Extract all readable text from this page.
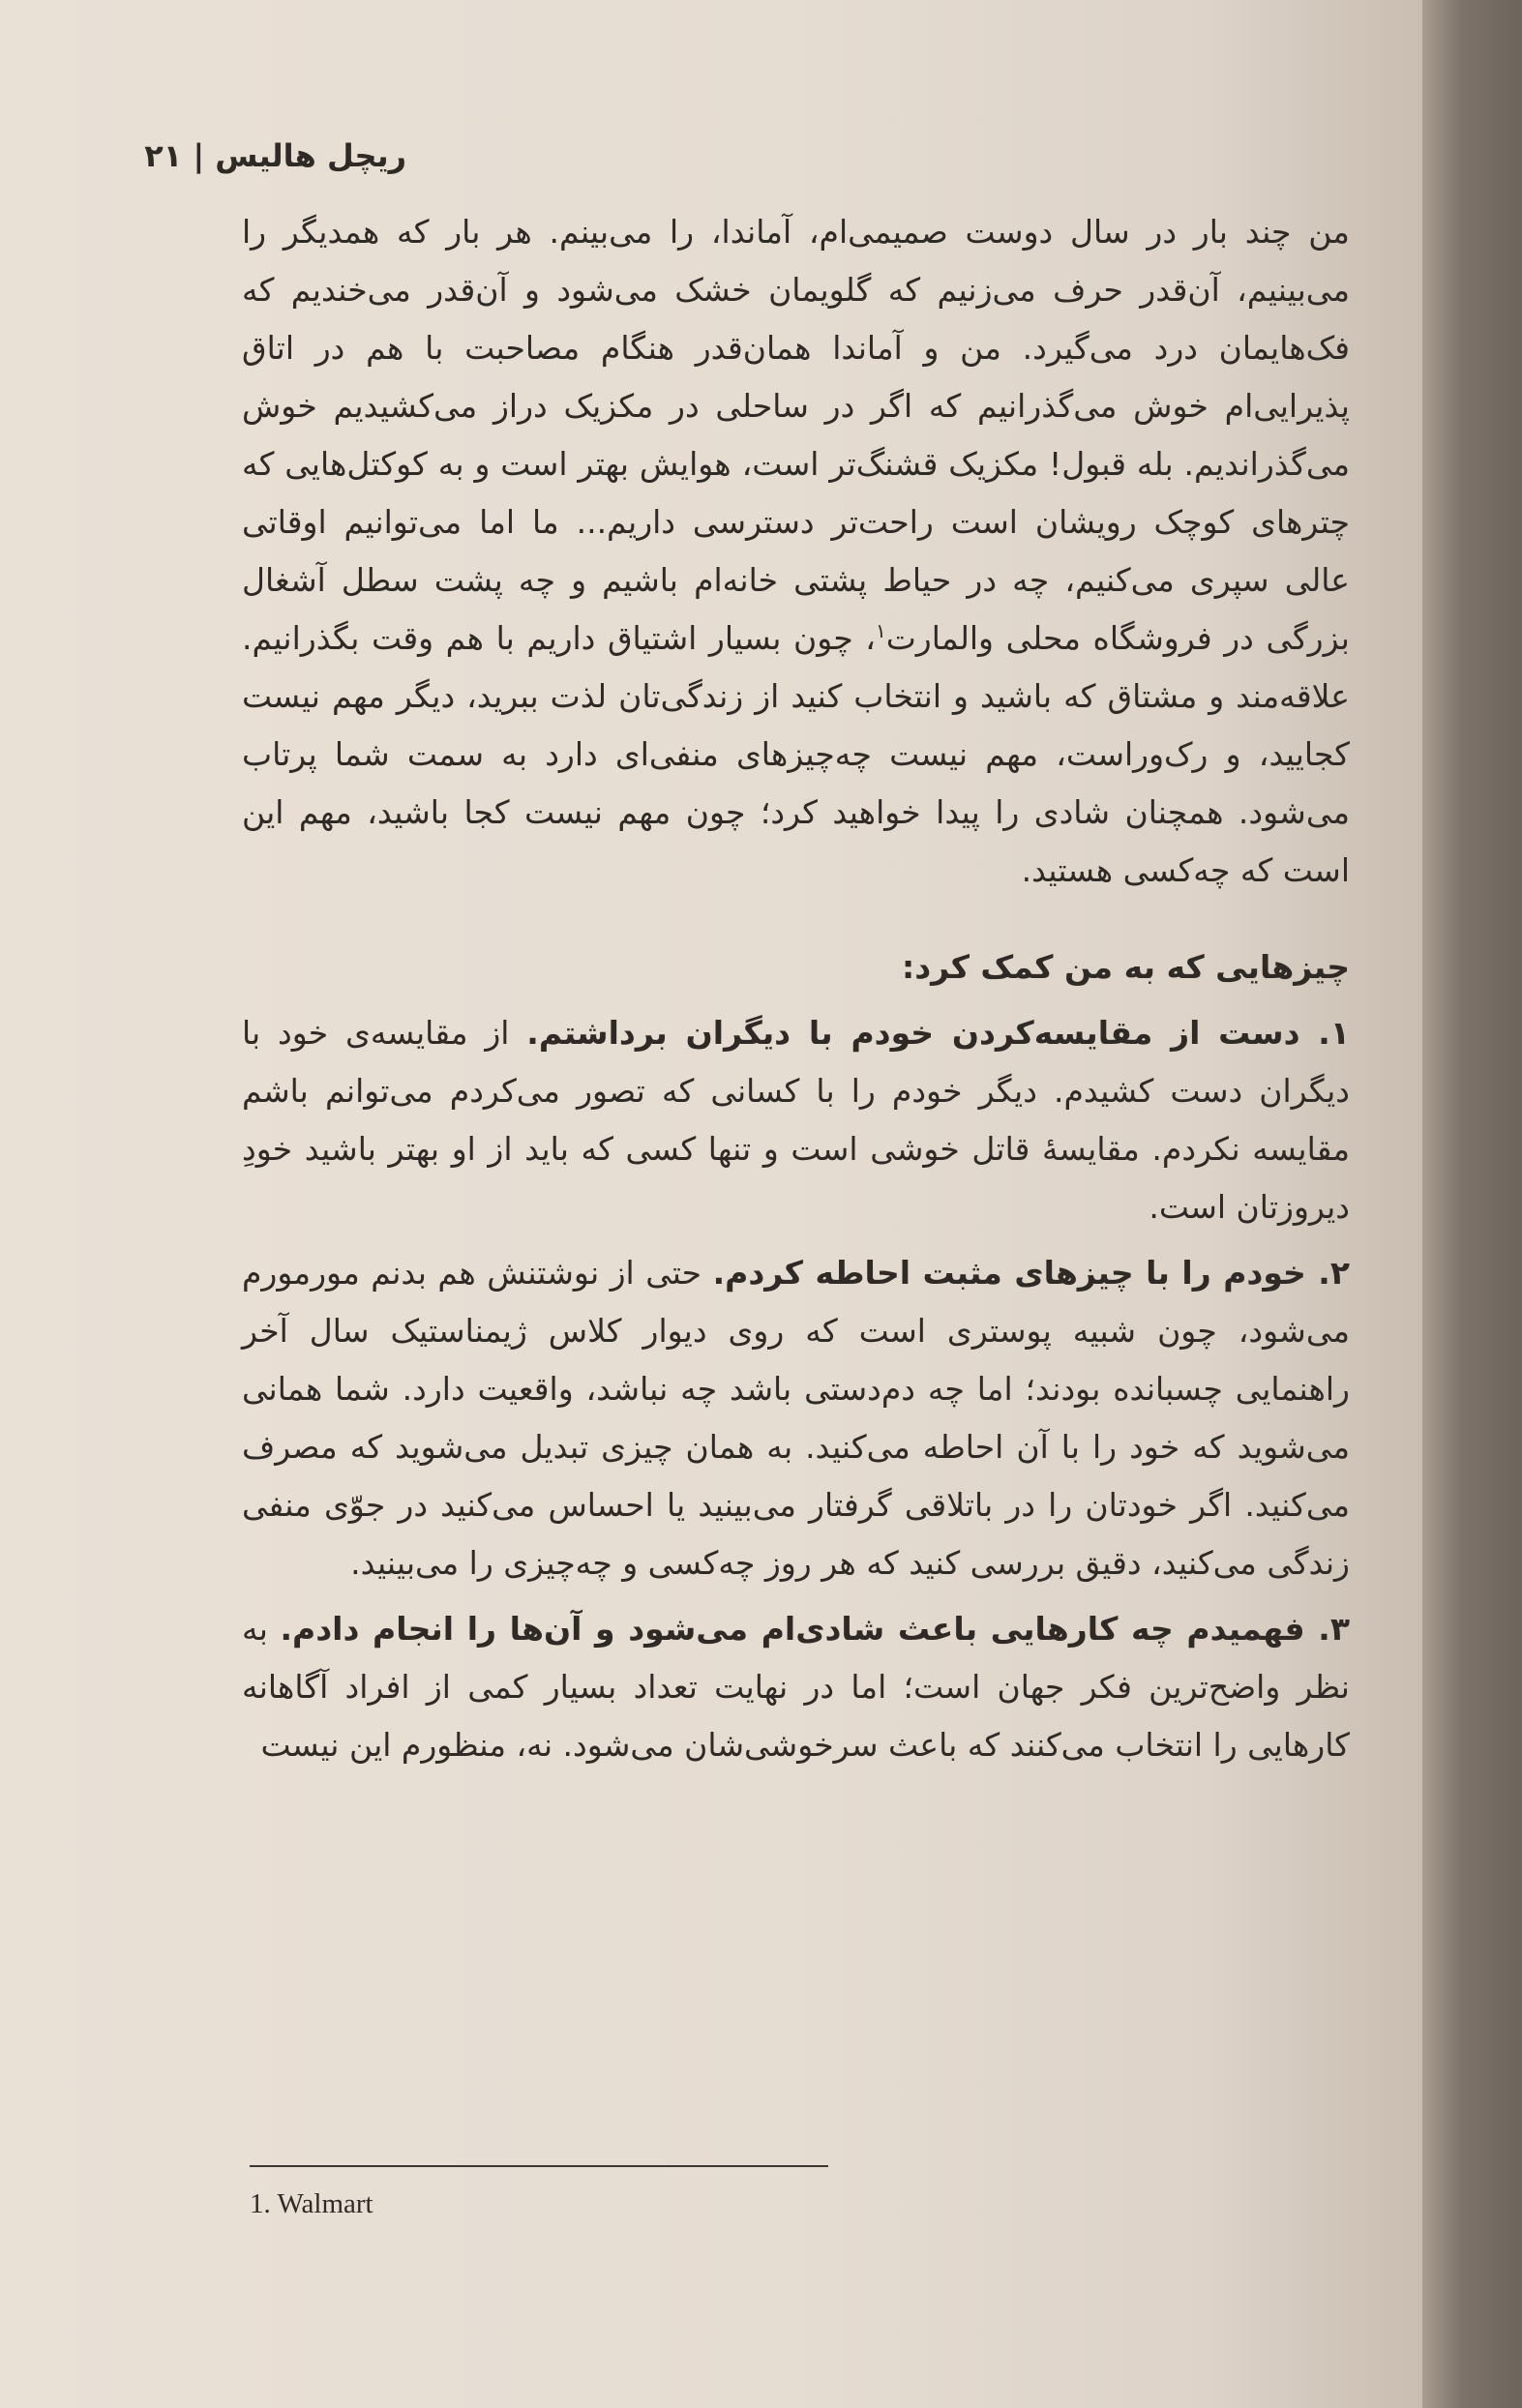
ریچل هالیس | ۲۱

من چند بار در سال دوست صمیمی‌ام، آماندا، را می‌بینم. هر بار که همدیگر را می‌بینیم، آن‌قدر حرف می‌زنیم که گلویمان خشک می‌شود و آن‌قدر می‌خندیم که فک‌هایمان درد می‌گیرد. من و آماندا همان‌قدر هنگام مصاحبت با هم در اتاق پذیرایی‌ام خوش می‌گذرانیم که اگر در ساحلی در مکزیک دراز می‌کشیدیم خوش می‌گذراندیم. بله قبول! مکزیک قشنگ‌تر است، هوایش بهتر است و به کوکتل‌هایی که چترهای کوچک رویشان است راحت‌تر دسترسی داریم... ما اما می‌توانیم اوقاتی عالی سپری می‌کنیم، چه در حیاط پشتی خانه‌ام باشیم و چه پشت سطل آشغال بزرگی در فروشگاه محلی والمارت$^۱$، چون بسیار اشتیاق داریم با هم وقت بگذرانیم. علاقه‌مند و مشتاق که باشید و انتخاب کنید از زندگی‌تان لذت ببرید، دیگر مهم نیست کجایید، و رک‌وراست، مهم نیست چه‌چیزهای منفی‌ای دارد به سمت شما پرتاب می‌شود. همچنان شادی را پیدا خواهید کرد؛ چون مهم نیست کجا باشید، مهم این است که چه‌کسی هستید.

چیزهایی که به من کمک کرد:

۱. دست از مقایسه‌کردن خودم با دیگران برداشتم. از مقایسه‌ی خود با دیگران دست کشیدم. دیگر خودم را با کسانی که تصور می‌کردم می‌توانم باشم مقایسه نکردم. مقایسهٔ قاتل خوشی است و تنها کسی که باید از او بهتر باشید خودِ دیروزتان است.

۲. خودم را با چیزهای مثبت احاطه کردم. حتی از نوشتنش هم بدنم مورمورم می‌شود، چون شبیه پوستری است که روی دیوار کلاس ژیمناستیک سال آخر راهنمایی چسبانده بودند؛ اما چه دم‌دستی باشد چه نباشد، واقعیت دارد. شما همانی می‌شوید که خود را با آن احاطه می‌کنید. به همان چیزی تبدیل می‌شوید که مصرف می‌کنید. اگر خودتان را در باتلاقی گرفتار می‌بینید یا احساس می‌کنید در جوّی منفی زندگی می‌کنید، دقیق بررسی کنید که هر روز چه‌کسی و چه‌چیزی را می‌بینید.

۳. فهمیدم چه کارهایی باعث شادی‌ام می‌شود و آن‌ها را انجام دادم. به نظر واضح‌ترین فکر جهان است؛ اما در نهایت تعداد بسیار کمی از افراد آگاهانه کارهایی را انتخاب می‌کنند که باعث سرخوشی‌شان می‌شود. نه، منظورم این نیست

1. Walmart
